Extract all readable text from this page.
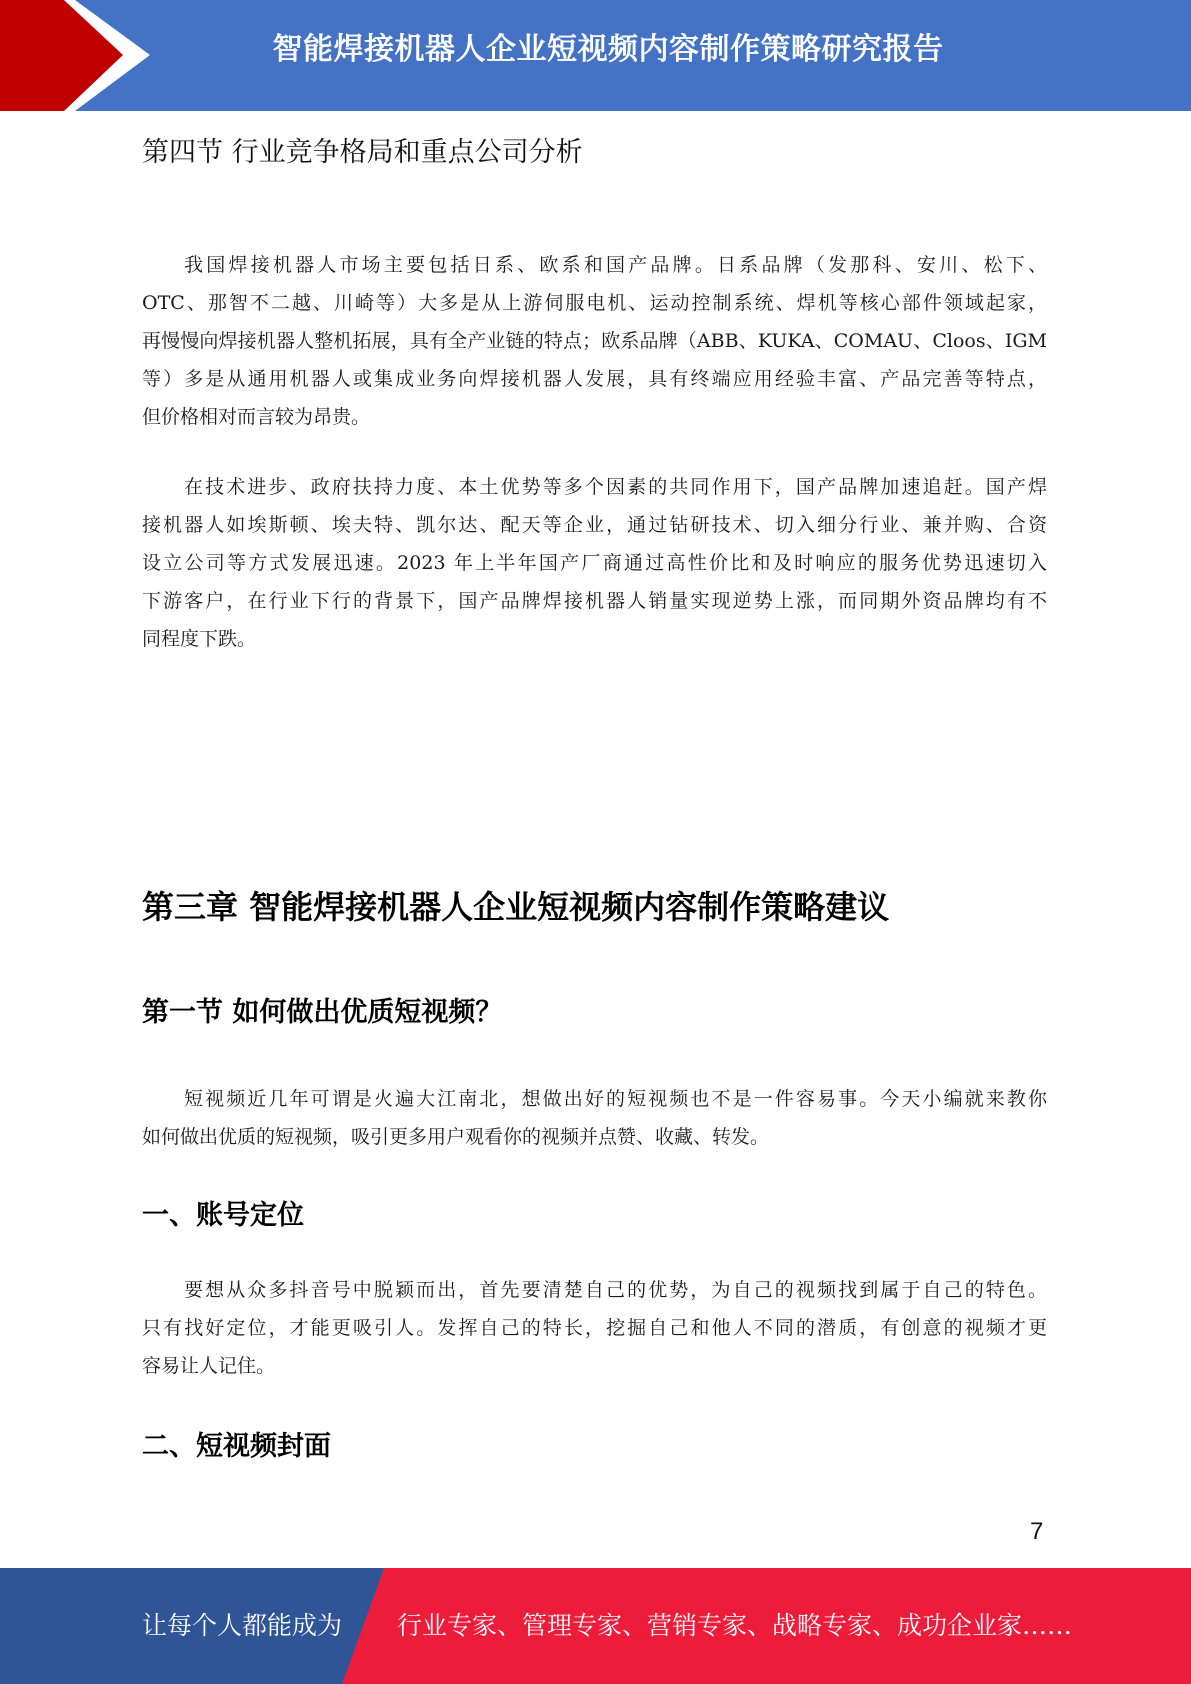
智能焊接机器人企业短视频内容制作策略研究报告
第四节 行业竞争格局和重点公司分析
我国焊接机器人市场主要包括日系、欧系和国产品牌。日系品牌（发那科、安川、松下、
OTC、那智不二越、川崎等）大多是从上游伺服电机、运动控制系统、焊机等核心部件领域起家，
再慢慢向焊接机器人整机拓展，具有全产业链的特点；欧系品牌（ABB、KUKA、COMAU、Cloos、IGM
等）多是从通用机器人或集成业务向焊接机器人发展，具有终端应用经验丰富、产品完善等特点，
但价格相对而言较为昂贵。
在技术进步、政府扶持力度、本土优势等多个因素的共同作用下，国产品牌加速追赶。国产焊
接机器人如埃斯顿、埃夫特、凯尔达、配天等企业，通过钻研技术、切入细分行业、兼并购、合资
设立公司等方式发展迅速。2023 年上半年国产厂商通过高性价比和及时响应的服务优势迅速切入
下游客户，在行业下行的背景下，国产品牌焊接机器人销量实现逆势上涨，而同期外资品牌均有不
同程度下跌。
第三章 智能焊接机器人企业短视频内容制作策略建议
第一节 如何做出优质短视频？
短视频近几年可谓是火遍大江南北，想做出好的短视频也不是一件容易事。今天小编就来教你
如何做出优质的短视频，吸引更多用户观看你的视频并点赞、收藏、转发。
一、账号定位
要想从众多抖音号中脱颖而出，首先要清楚自己的优势，为自己的视频找到属于自己的特色。
只有找好定位，才能更吸引人。发挥自己的特长，挖掘自己和他人不同的潜质，有创意的视频才更
容易让人记住。
二、短视频封面
7
让每个人都能成为 行业专家、管理专家、营销专家、战略专家、成功企业家……
